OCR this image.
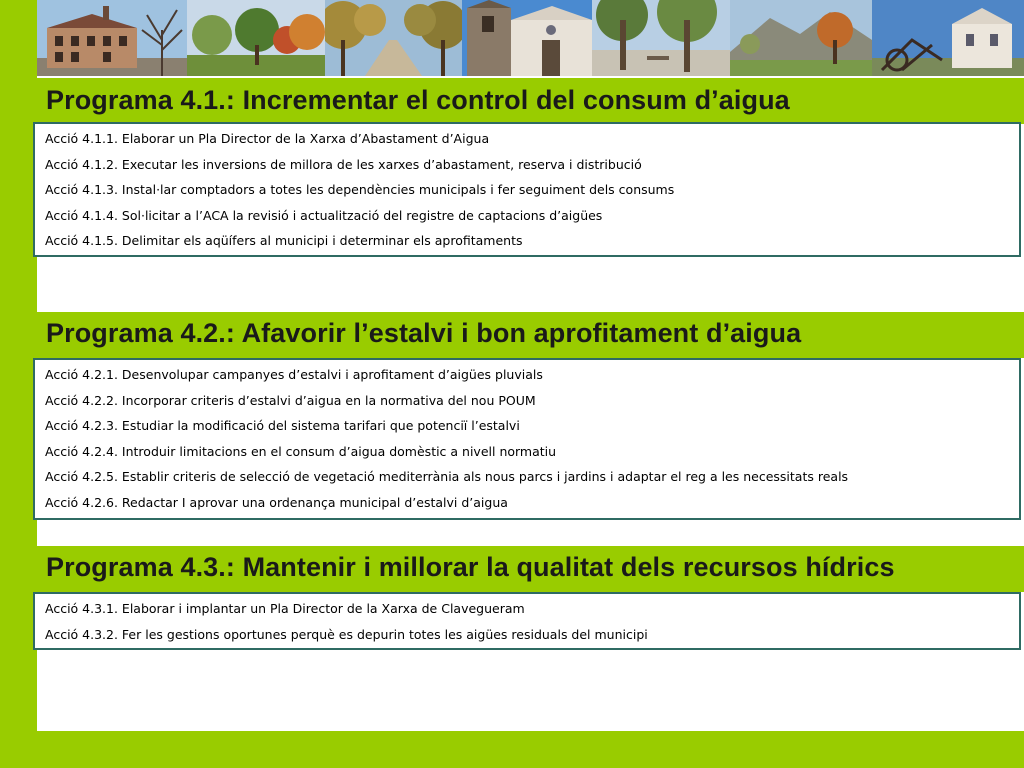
Programa 4.1.: Incrementar el control del consum d’aigua
Acció 4.1.1. Elaborar un Pla Director de la Xarxa d’Abastament d’Aigua
Acció 4.1.2. Executar les inversions de millora de les xarxes d’abastament, reserva i distribució
Acció 4.1.3. Instal·lar comptadors a totes les dependències municipals i fer seguiment dels consums
Acció 4.1.4. Sol·licitar a l’ACA la revisió i actualització del registre de captacions d’aigües
Acció 4.1.5. Delimitar els aqüífers al municipi i determinar els aprofitaments
Programa 4.2.: Afavorir l’estalvi i bon aprofitament d’aigua
Acció 4.2.1. Desenvolupar campanyes d’estalvi i aprofitament d’aigües pluvials
Acció 4.2.2. Incorporar criteris d’estalvi d’aigua en la normativa del nou POUM
Acció 4.2.3. Estudiar la modificació del sistema tarifari que potenciï l’estalvi
Acció 4.2.4. Introduir limitacions en el consum d’aigua domèstic a nivell normatiu
Acció 4.2.5. Establir criteris de selecció de vegetació mediterrània als nous parcs i jardins i adaptar el reg a les necessitats reals
Acció 4.2.6. Redactar I aprovar una ordenança municipal d’estalvi d’aigua
Programa 4.3.: Mantenir i millorar la qualitat dels recursos hídrics
Acció 4.3.1. Elaborar i implantar un Pla Director de la Xarxa de Clavegueram
Acció 4.3.2. Fer les gestions oportunes perquè es depurin totes les aigües residuals del municipi
